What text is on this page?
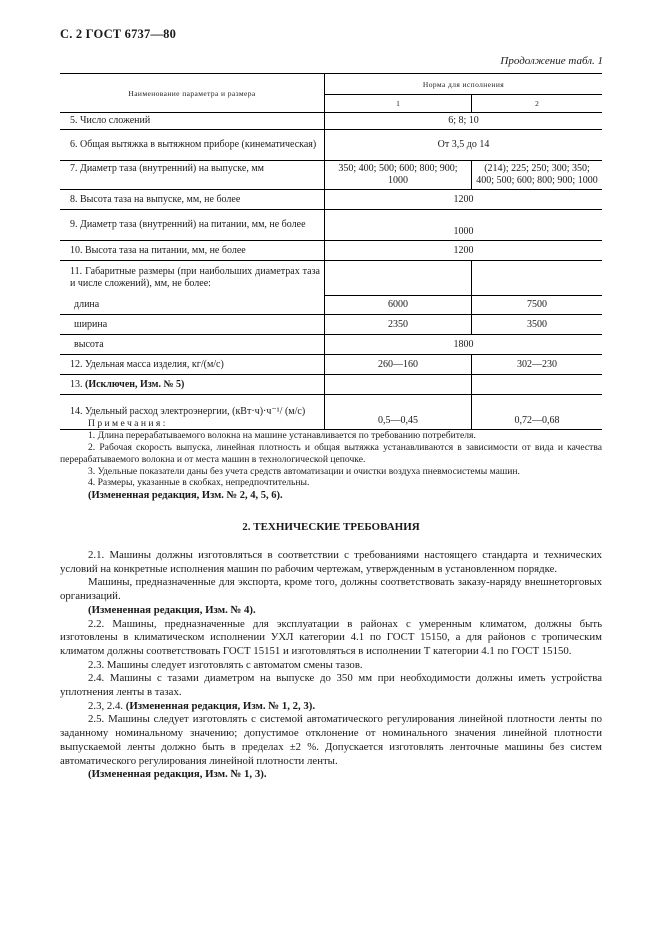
С. 2 ГОСТ 6737—80
Продолжение табл. 1
Наименование параметра и размера	Норма для исполнения	
	1	2
5. Число сложений	6; 8; 10	
6. Общая вытяжка в вытяжном приборе (кинематическая)	От 3,5 до 14	
7. Диаметр таза (внутренний) на выпуске, мм	350; 400; 500; 600; 800; 900; 1000	(214); 225; 250; 300; 350; 400; 500; 600; 800; 900; 1000
8. Высота таза на выпуске, мм, не более	1200	
9. Диаметр таза (внутренний) на питании, мм, не более	1000	
10. Высота таза на питании, мм, не более	1200	
11. Габаритные размеры (при наибольших диаметрах таза и числе сложений), мм, не более:		
длина	6000	7500
ширина	2350	3500
высота	1800	
12. Удельная масса изделия, кг/(м/с)	260—160	302—230
13. (Исключен, Изм. № 5)		
14. Удельный расход электроэнергии, (кВт·ч)·ч⁻¹/ (м/с)	0,5—0,45	0,72—0,68
Примечания:
1. Длина перерабатываемого волокна на машине устанавливается по требованию потребителя.
2. Рабочая скорость выпуска, линейная плотность и общая вытяжка устанавливаются в зависимости от вида и качества перерабатываемого волокна и от места машин в технологической цепочке.
3. Удельные показатели даны без учета средств автоматизации и очистки воздуха пневмосистемы машин.
4. Размеры, указанные в скобках, непредпочтительны.
(Измененная редакция, Изм. № 2, 4, 5, 6).
2. ТЕХНИЧЕСКИЕ ТРЕБОВАНИЯ

2.1. Машины должны изготовляться в соответствии с требованиями настоящего стандарта и технических условий на конкретные исполнения машин по рабочим чертежам, утвержденным в установленном порядке.

Машины, предназначенные для экспорта, кроме того, должны соответствовать заказу-наряду внешнеторговых организаций.

(Измененная редакция, Изм. № 4).

2.2. Машины, предназначенные для эксплуатации в районах с умеренным климатом, должны быть изготовлены в климатическом исполнении УХЛ категории 4.1 по ГОСТ 15150, а для районов с тропическим климатом должны соответствовать ГОСТ 15151 и изготовляться в исполнении Т категории 4.1 по ГОСТ 15150.

2.3. Машины следует изготовлять с автоматом смены тазов.

2.4. Машины с тазами диаметром на выпуске до 350 мм при необходимости должны иметь устройства уплотнения ленты в тазах.

2.3, 2.4. (Измененная редакция, Изм. № 1, 2, 3).

2.5. Машины следует изготовлять с системой автоматического регулирования линейной плотности ленты по заданному номинальному значению; допустимое отклонение от номинального значения линейной плотности выпускаемой ленты должно быть в пределах ±2 %. Допускается изготовлять ленточные машины без систем автоматического регулирования линейной плотности ленты.

(Измененная редакция, Изм. № 1, 3).
